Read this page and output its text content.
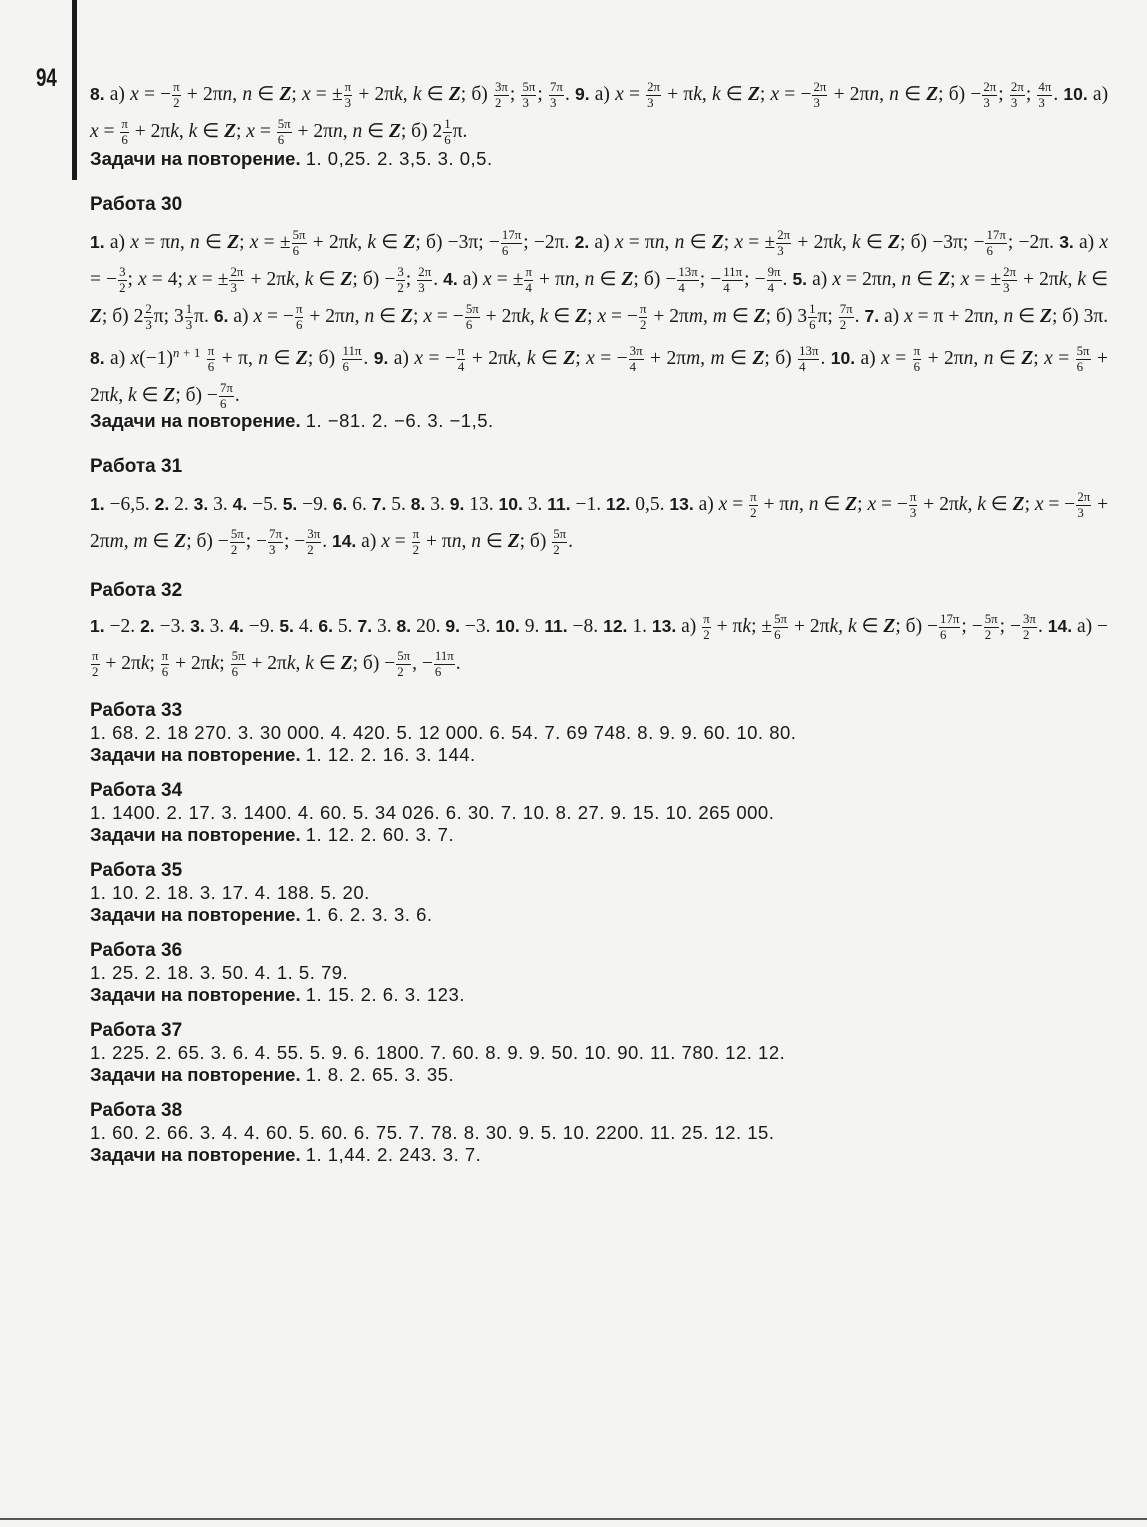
94

8. а) x = − $\frac{\pi}{2} + 2\pi n$, n ∈ Z; x = ± $\frac{\pi}{3} + 2\pi k$, k ∈ Z; $б) \frac{3\pi}{2}$ ; $\frac{5\pi}{3}$ ; $\frac{7\pi}{3}$ . 9. а) $x = \frac{2\pi}{3} + \pi k$, k ∈ Z; x = − $\frac{2\pi}{3} + 2\pi n$, n ∈ Z; $б) - \frac{2\pi}{3}$ ; $\frac{2\pi}{3}$ ; $\frac{4\pi}{3}$ . 10. а) $x = \frac{\pi}{6} + 2\pi k$, k ∈ Z; $x = \frac{5\pi}{6} + 2\pi n$, n ∈ Z; б) $2 \frac{1}{6} \pi$.

Задачи на повторение. 1. 0,25. 2. 3,5. 3. 0,5.

Работа 30

1. а) x = πn, n ∈ Z; x = ± $\frac{5\pi}{6} + 2\pi k$, k ∈ Z; б) −3π; − $\frac{17\pi}{6}$ ; −2π. 2. а) x = πn, n ∈ Z; x = ± $\frac{2\pi}{3} + 2\pi k$, k ∈ Z; б) −3π; − $\frac{17\pi}{6}$ ; −2π. 3. а) x = − $\frac{3}{2}$ ; x = 4; x = ± $\frac{2\pi}{3} + 2\pi k$, k ∈ Z; $б) - \frac{3}{2}$ ; $\frac{2\pi}{3}$ . 4. а) x = ± $\frac{\pi}{4} + \pi n$, n ∈ Z; $б) - \frac{13\pi}{4}$ ; − $\frac{11\pi}{4}$ ; − $\frac{9\pi}{4}$ . 5. а) x = 2πn, n ∈ Z; x = ± $\frac{2\pi}{3} + 2\pi k$, k ∈ Z; б) $2 \frac{2}{3} \pi$; $3 \frac{1}{3} \pi$. 6. а) x = − $\frac{\pi}{6} + 2\pi n$, n ∈ Z; x = − $\frac{5\pi}{6} + 2\pi k$, k ∈ Z; x = − $\frac{\pi}{2} + 2\pi m$, m ∈ Z; б) $3 \frac{1}{6} \pi$; $\frac{7\pi}{2}$ . 7. а) x = π + 2πn, n ∈ Z; б) 3π. 8. а) $x(-1)^{n + 1} \frac{\pi}{6} + \pi$, n ∈ Z; $б) \frac{11\pi}{6}$ . 9. а) x = − $\frac{\pi}{4} + 2\pi k$, k ∈ Z; x = − $\frac{3\pi}{4} + 2\pi m$, m ∈ Z; $б) \frac{13\pi}{4}$ . 10. а) $x = \frac{\pi}{6} + 2\pi n$, n ∈ Z; $x = \frac{5\pi}{6} + 2\pi k$, k ∈ Z; $б) - \frac{7\pi}{6}$ .

Задачи на повторение. 1. −81. 2. −6. 3. −1,5.

Работа 31

1. −6,5. 2. 2. 3. 3. 4. −5. 5. −9. 6. 6. 7. 5. 8. 3. 9. 13. 10. 3. 11. −1. 12. 0,5. 13. а) $x = \frac{\pi}{2} + \pi n$, n ∈ Z; x = − $\frac{\pi}{3} + 2\pi k$, k ∈ Z; x = − $\frac{2\pi}{3} + 2\pi m$, m ∈ Z; $б) - \frac{5\pi}{2}$ ; − $\frac{7\pi}{3}$ ; − $\frac{3\pi}{2}$ . 14. а) $x = \frac{\pi}{2} + \pi n$, n ∈ Z; $б) \frac{5\pi}{2}$ .

Работа 32

1. −2. 2. −3. 3. 3. 4. −9. 5. 4. 6. 5. 7. 3. 8. 20. 9. −3. 10. 9. 11. −8. 12. 1. 13. $а) \frac{\pi}{2} + \pi k$; ± $\frac{5\pi}{6} + 2\pi k$, k ∈ Z; $б) - \frac{17\pi}{6}$ ; − $\frac{5\pi}{2}$ ; − $\frac{3\pi}{2}$ . 14. а) −
$\frac{\pi}{2} + 2\pi k$; $\frac{\pi}{6} + 2\pi k$; $\frac{5\pi}{6} + 2\pi k$, k ∈ Z; $б) - \frac{5\pi}{2}$ , − $\frac{11\pi}{6}$ .

Работа 33

1. 68. 2. 18 270. 3. 30 000. 4. 420. 5. 12 000. 6. 54. 7. 69 748. 8. 9. 9. 60. 10. 80.

Задачи на повторение. 1. 12. 2. 16. 3. 144.

Работа 34

1. 1400. 2. 17. 3. 1400. 4. 60. 5. 34 026. 6. 30. 7. 10. 8. 27. 9. 15. 10. 265 000.

Задачи на повторение. 1. 12. 2. 60. 3. 7.

Работа 35

1. 10. 2. 18. 3. 17. 4. 188. 5. 20.

Задачи на повторение. 1. 6. 2. 3. 3. 6.

Работа 36

1. 25. 2. 18. 3. 50. 4. 1. 5. 79.

Задачи на повторение. 1. 15. 2. 6. 3. 123.

Работа 37

1. 225. 2. 65. 3. 6. 4. 55. 5. 9. 6. 1800. 7. 60. 8. 9. 9. 50. 10. 90. 11. 780. 12. 12.

Задачи на повторение. 1. 8. 2. 65. 3. 35.

Работа 38

1. 60. 2. 66. 3. 4. 4. 60. 5. 60. 6. 75. 7. 78. 8. 30. 9. 5. 10. 2200. 11. 25. 12. 15.

Задачи на повторение. 1. 1,44. 2. 243. 3. 7.
